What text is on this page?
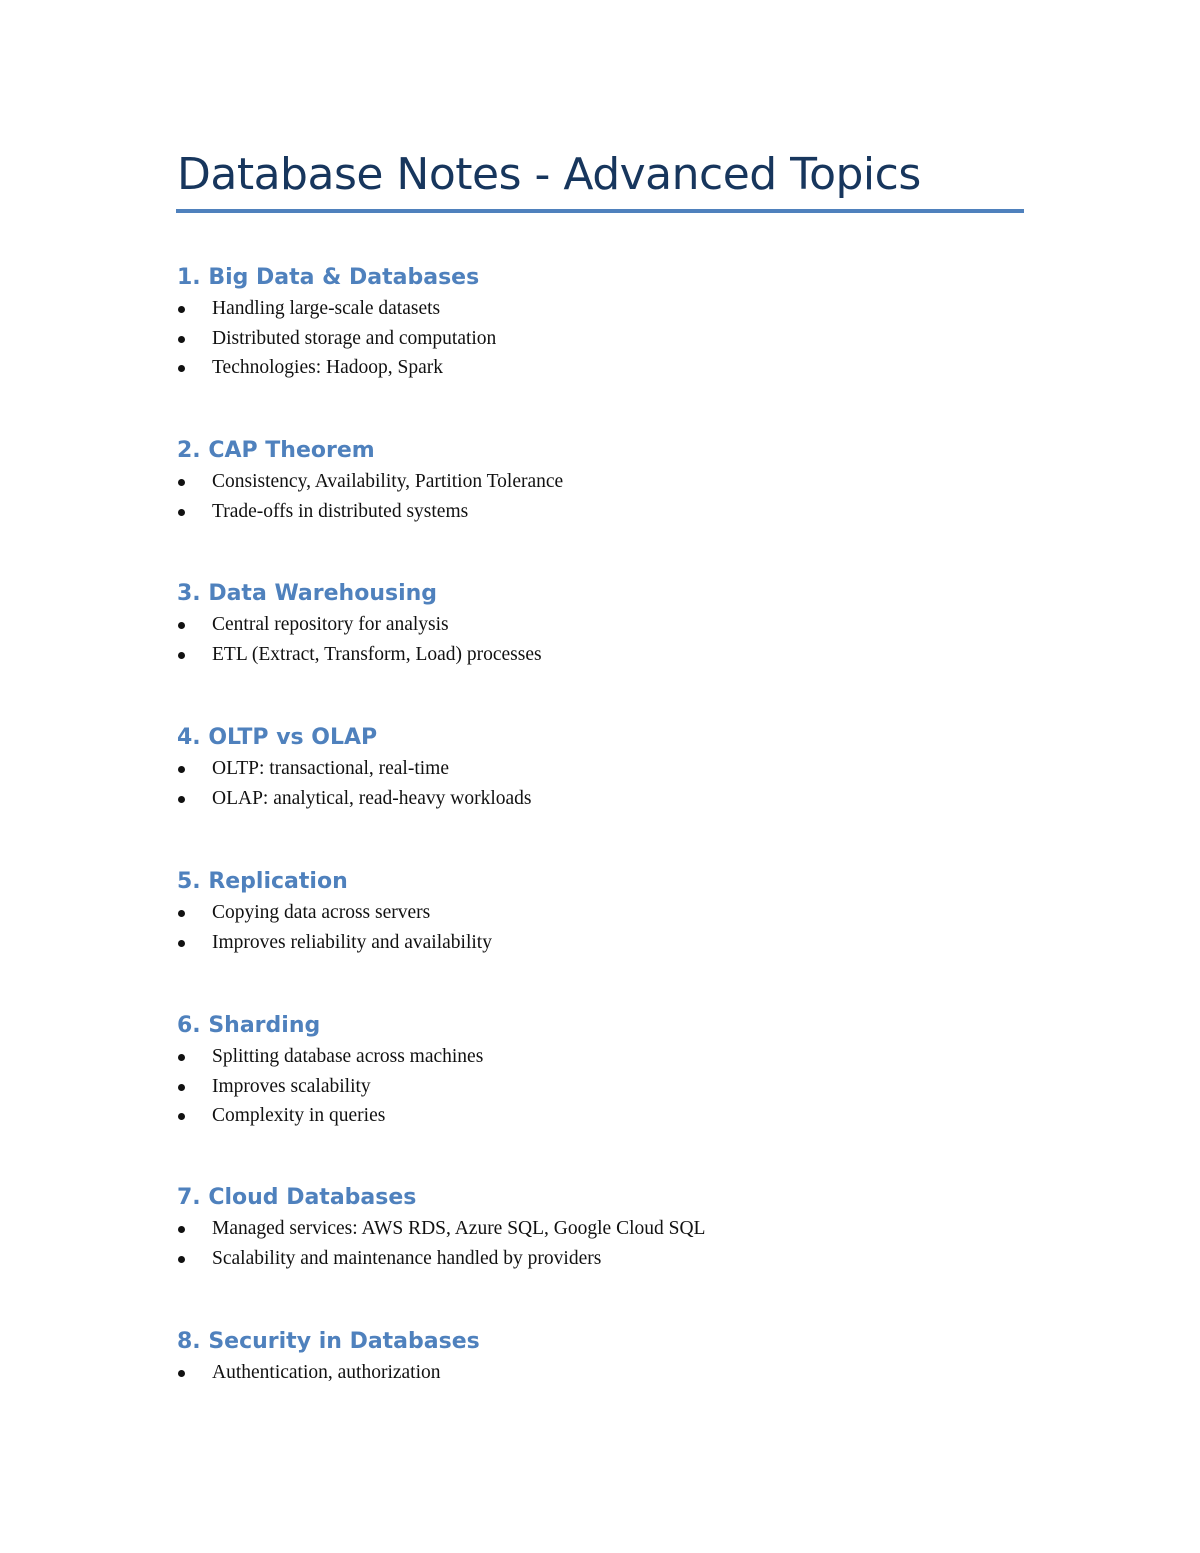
Database Notes - Advanced Topics
1. Big Data & Databases
Handling large-scale datasets
Distributed storage and computation
Technologies: Hadoop, Spark
2. CAP Theorem
Consistency, Availability, Partition Tolerance
Trade-offs in distributed systems
3. Data Warehousing
Central repository for analysis
ETL (Extract, Transform, Load) processes
4. OLTP vs OLAP
OLTP: transactional, real-time
OLAP: analytical, read-heavy workloads
5. Replication
Copying data across servers
Improves reliability and availability
6. Sharding
Splitting database across machines
Improves scalability
Complexity in queries
7. Cloud Databases
Managed services: AWS RDS, Azure SQL, Google Cloud SQL
Scalability and maintenance handled by providers
8. Security in Databases
Authentication, authorization
